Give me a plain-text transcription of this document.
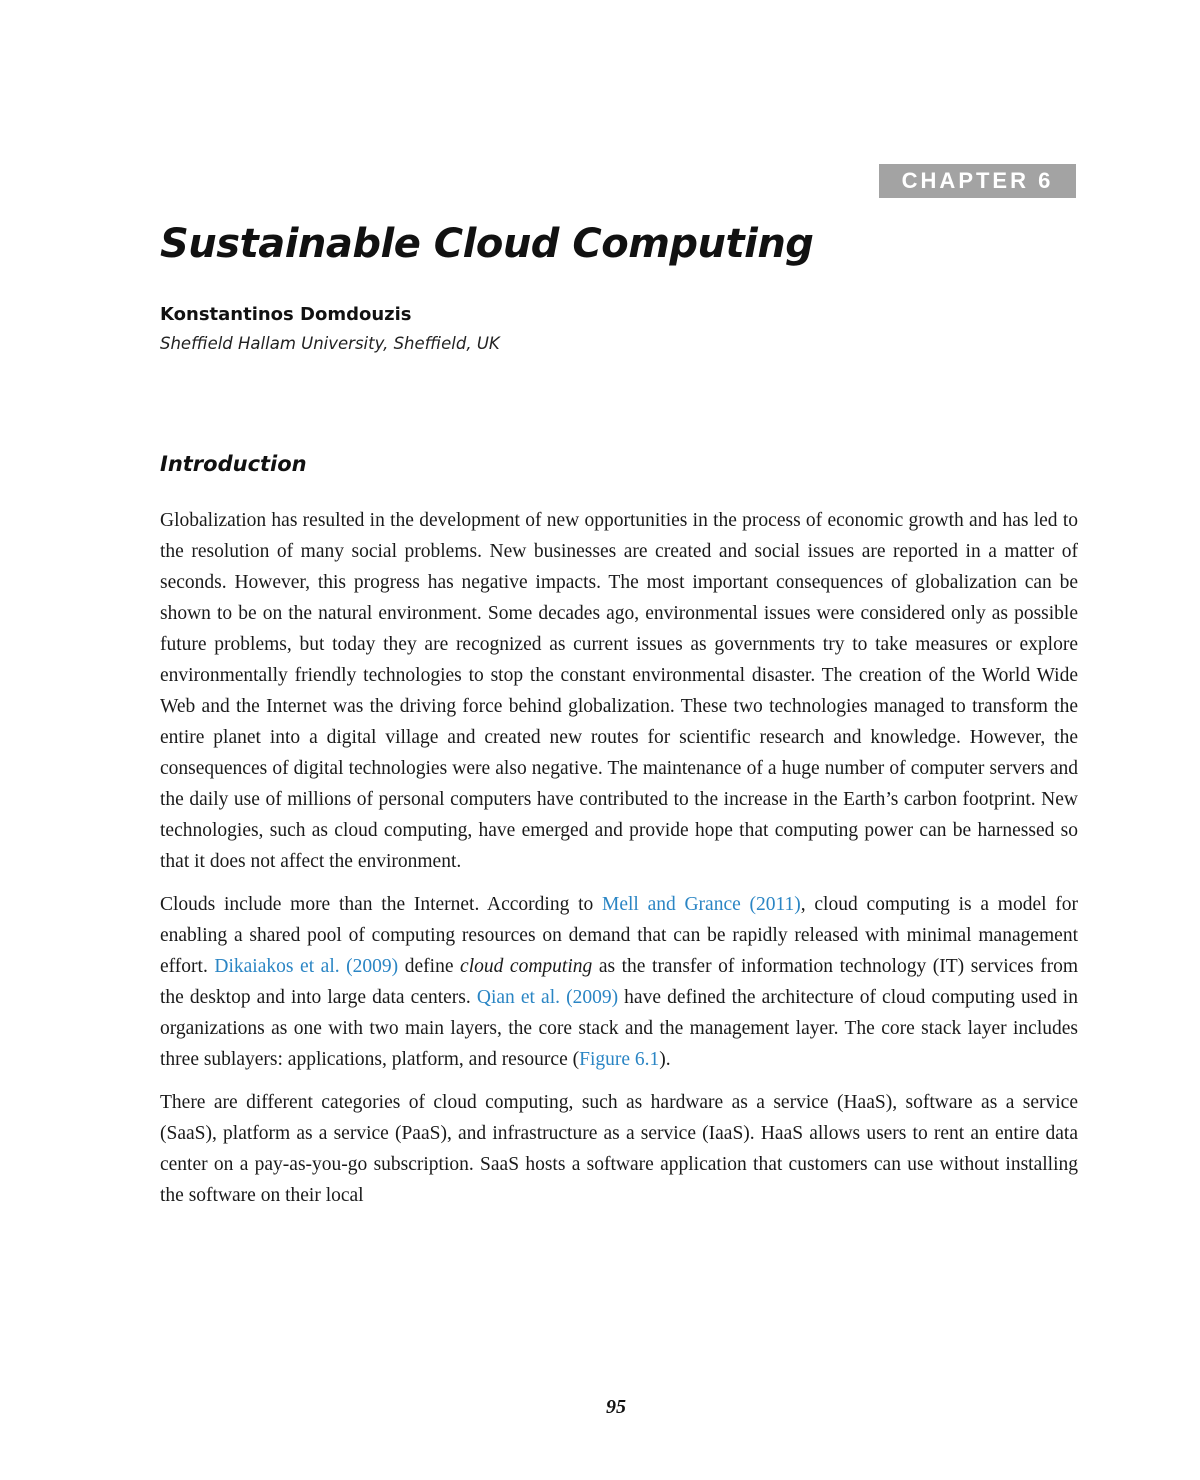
CHAPTER 6
Sustainable Cloud Computing
Konstantinos Domdouzis
Sheffield Hallam University, Sheffield, UK
Introduction

Globalization has resulted in the development of new opportunities in the process of economic growth and has led to the resolution of many social problems. New businesses are created and social issues are reported in a matter of seconds. However, this progress has negative impacts. The most important consequences of globalization can be shown to be on the natural environment. Some decades ago, environmental issues were considered only as possible future problems, but today they are recognized as current issues as governments try to take measures or explore environmentally friendly technologies to stop the constant environmental disaster. The creation of the World Wide Web and the Internet was the driving force behind globalization. These two technologies managed to transform the entire planet into a digital village and created new routes for scientific research and knowledge. However, the consequences of digital technologies were also negative. The maintenance of a huge number of computer servers and the daily use of millions of personal computers have contributed to the increase in the Earth’s carbon footprint. New technologies, such as cloud computing, have emerged and provide hope that computing power can be harnessed so that it does not affect the environment.

Clouds include more than the Internet. According to Mell and Grance (2011), cloud computing is a model for enabling a shared pool of computing resources on demand that can be rapidly released with minimal management effort. Dikaiakos et al. (2009) define cloud computing as the transfer of information technology (IT) services from the desktop and into large data centers. Qian et al. (2009) have defined the architecture of cloud computing used in organizations as one with two main layers, the core stack and the management layer. The core stack layer includes three sublayers: applications, platform, and resource (Figure 6.1).

There are different categories of cloud computing, such as hardware as a service (HaaS), software as a service (SaaS), platform as a service (PaaS), and infrastructure as a service (IaaS). HaaS allows users to rent an entire data center on a pay-as-you-go subscription. SaaS hosts a software application that customers can use without installing the software on their local

95
